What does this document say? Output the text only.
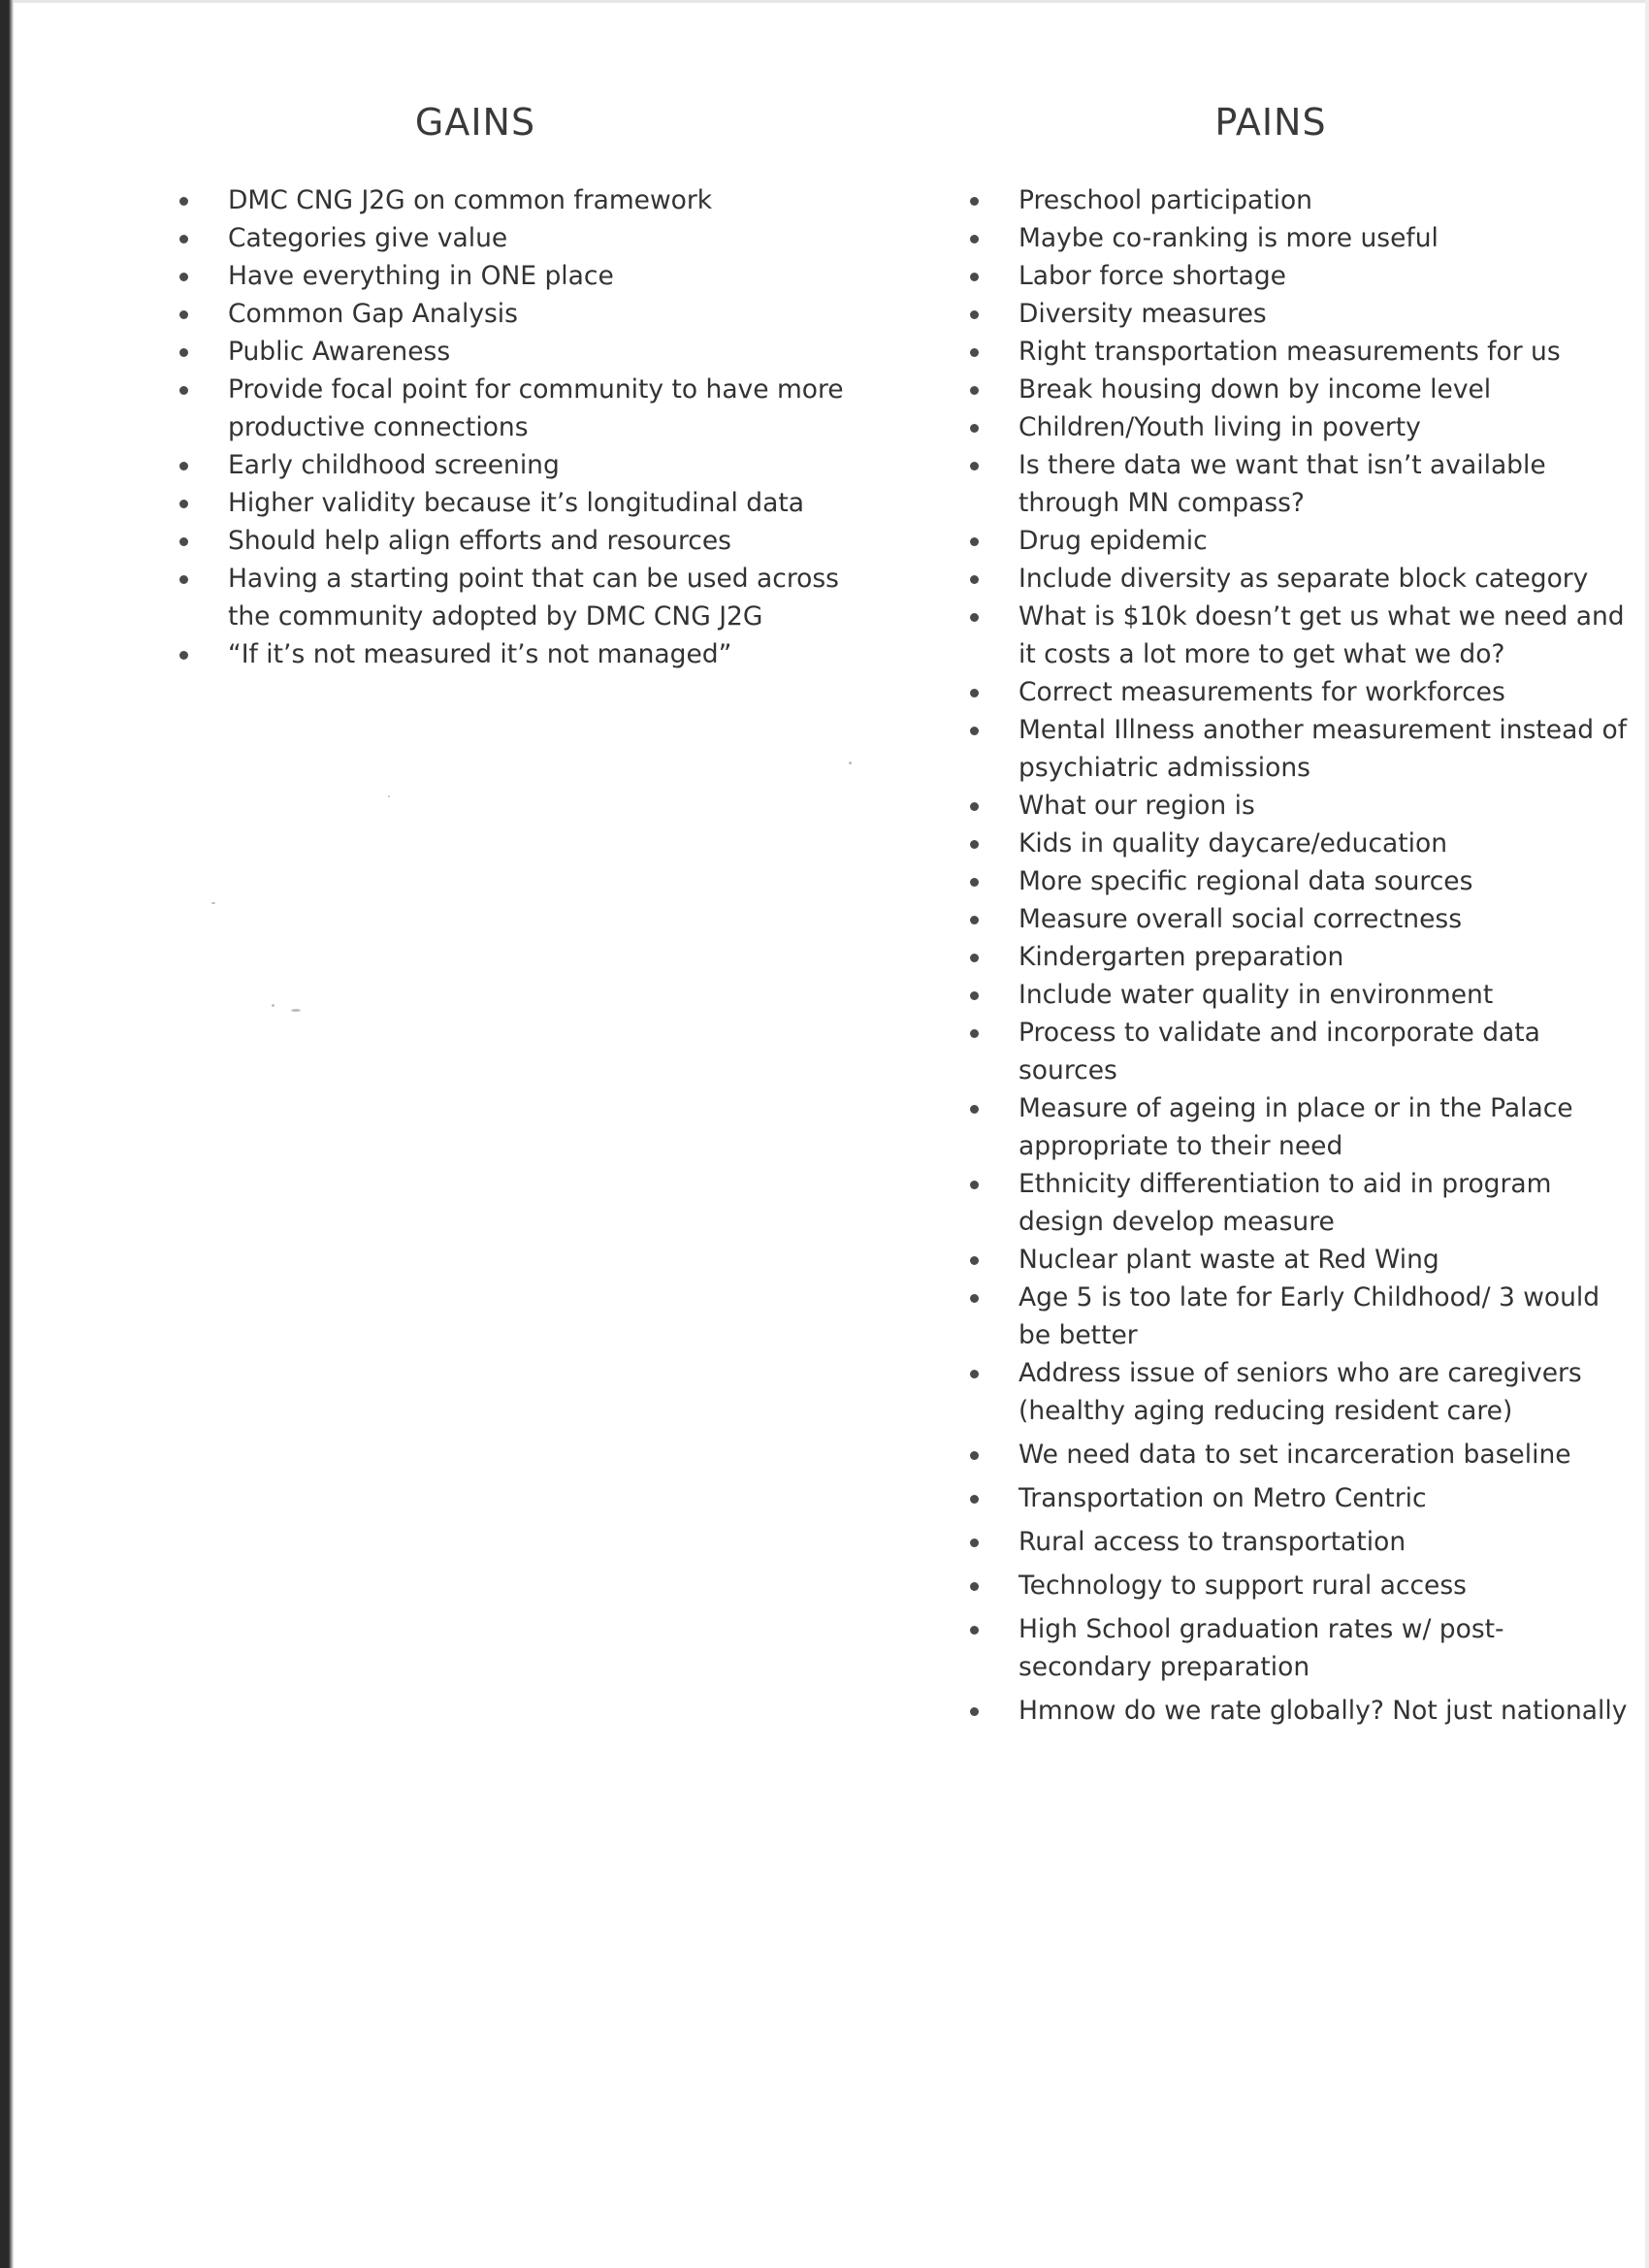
GAINS
DMC CNG J2G on common framework
Categories give value
Have everything in ONE place
Common Gap Analysis
Public Awareness
Provide focal point for community to have more productive connections
Early childhood screening
Higher validity because it’s longitudinal data
Should help align efforts and resources
Having a starting point that can be used across the community adopted by DMC CNG J2G
“If it’s not measured it’s not managed”
PAINS
Preschool participation
Maybe co-ranking is more useful
Labor force shortage
Diversity measures
Right transportation measurements for us
Break housing down by income level
Children/Youth living in poverty
Is there data we want that isn’t available through MN compass?
Drug epidemic
Include diversity as separate block category
What is $10k doesn’t get us what we need and it costs a lot more to get what we do?
Correct measurements for workforces
Mental Illness another measurement instead of psychiatric admissions
What our region is
Kids in quality daycare/education
More specific regional data sources
Measure overall social correctness
Kindergarten preparation
Include water quality in environment
Process to validate and incorporate data sources
Measure of ageing in place or in the Palace appropriate to their need
Ethnicity differentiation to aid in program design develop measure
Nuclear plant waste at Red Wing
Age 5 is too late for Early Childhood/ 3 would be better
Address issue of seniors who are caregivers (healthy aging reducing resident care)
We need data to set incarceration baseline
Transportation on Metro Centric
Rural access to transportation
Technology to support rural access
High School graduation rates w/ post-secondary preparation
Hmnow do we rate globally? Not just nationally
